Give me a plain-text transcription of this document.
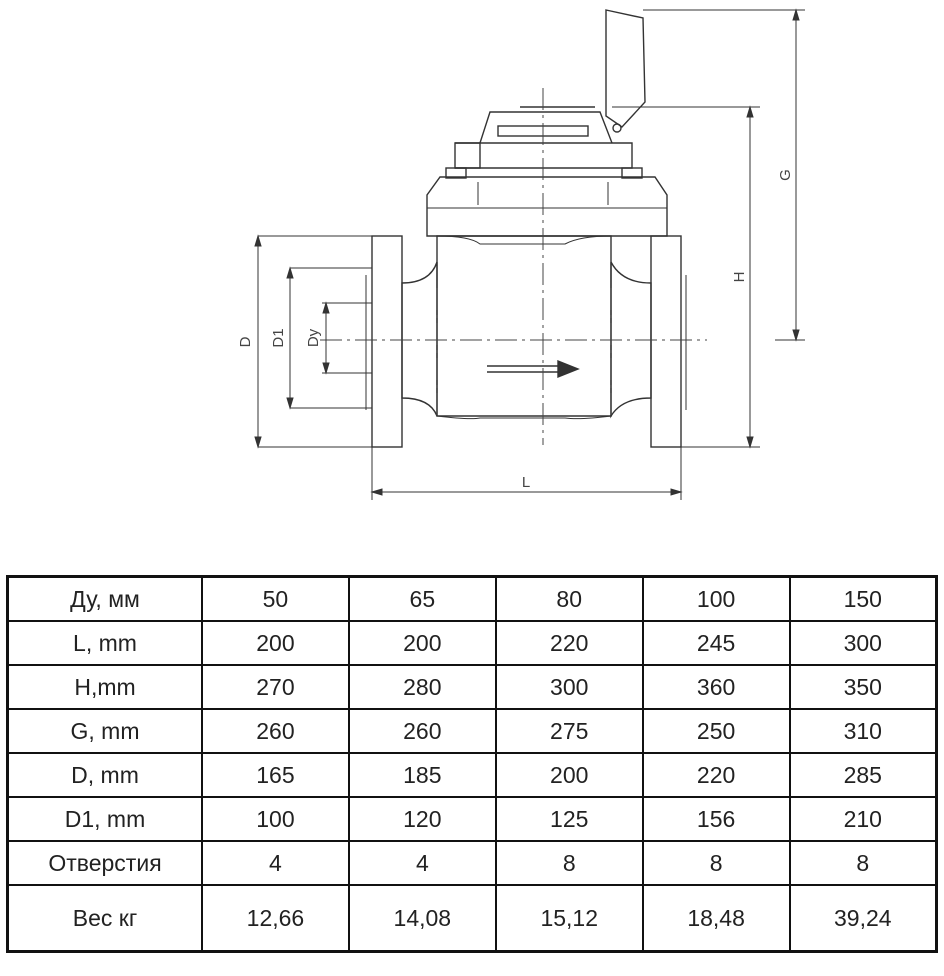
D D1 Dy
L
H
G
Ду, мм	50	65	80	100	150
L, mm	200	200	220	245	300
H,mm	270	280	300	360	350
G, mm	260	260	275	250	310
D, mm	165	185	200	220	285
D1, mm	100	120	125	156	210
Отверстия	4	4	8	8	8
Вес кг	12,66	14,08	15,12	18,48	39,24
